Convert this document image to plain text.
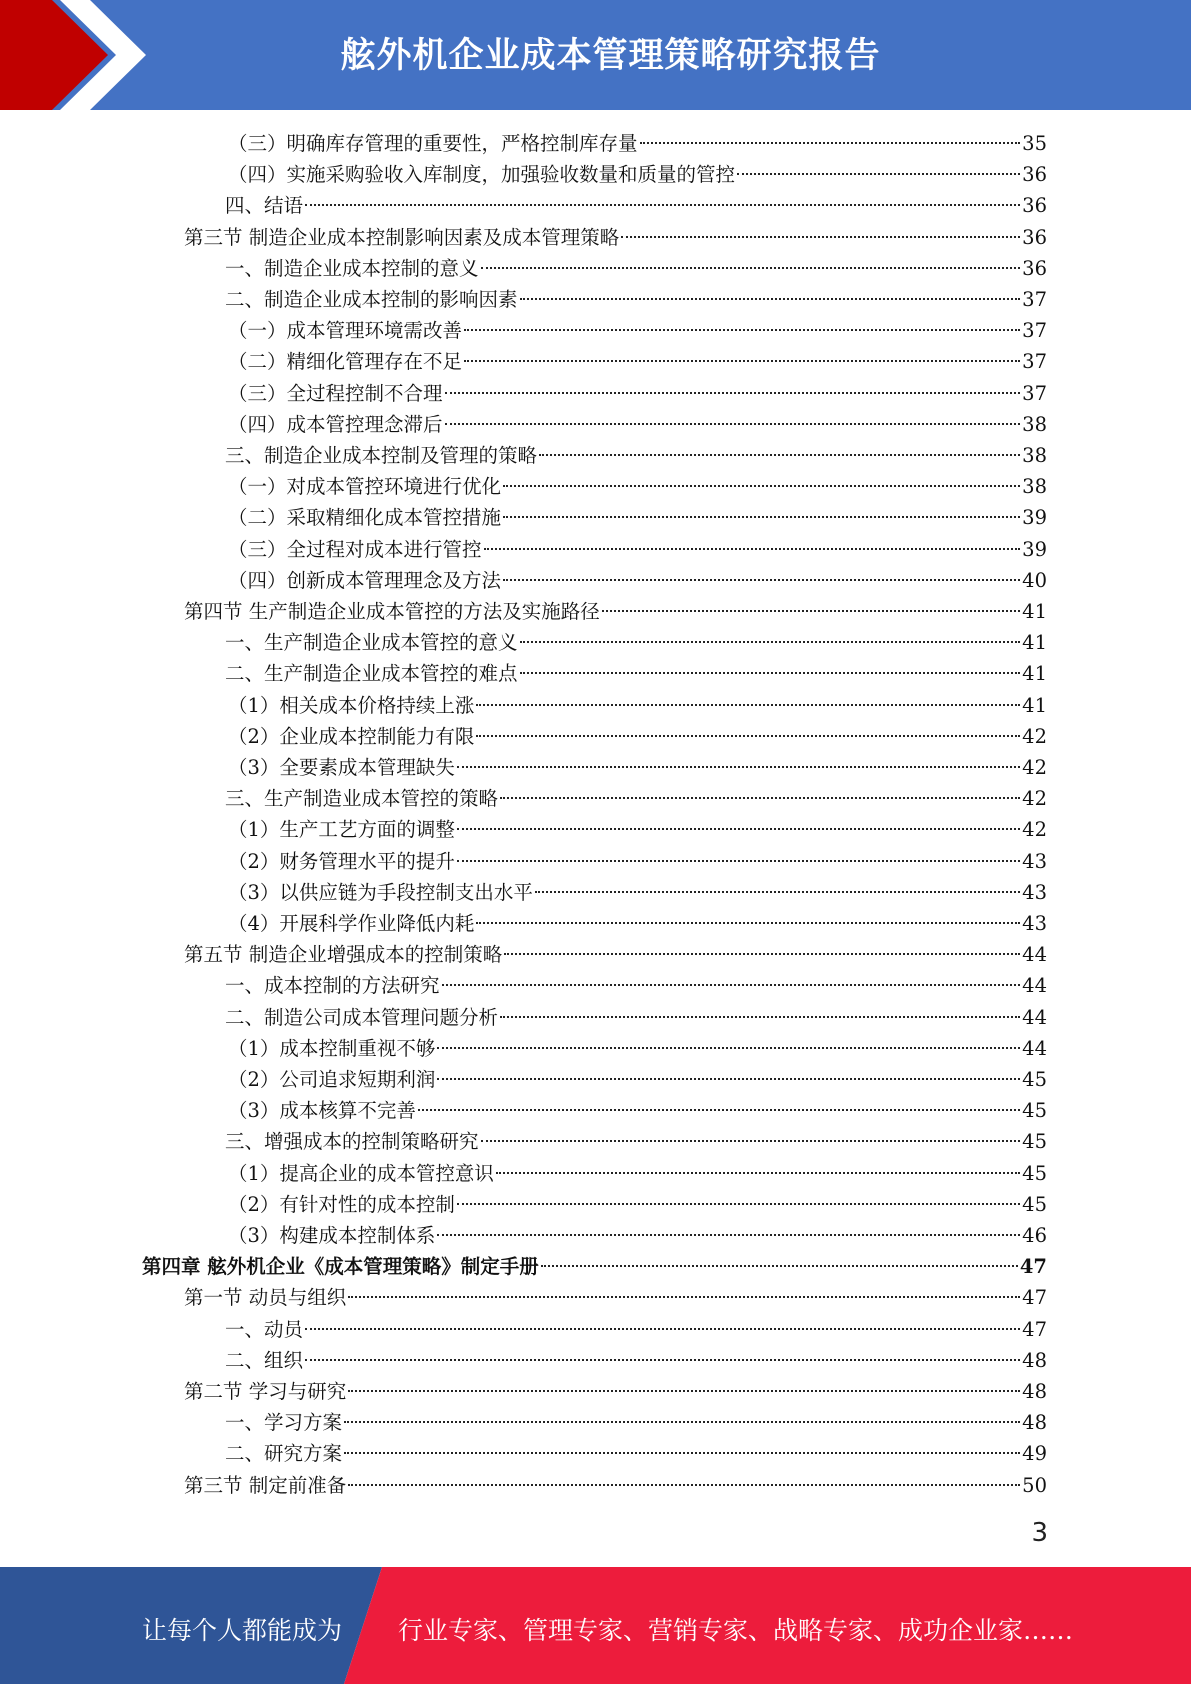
舷外机企业成本管理策略研究报告
（三）明确库存管理的重要性，严格控制库存量	35
（四）实施采购验收入库制度，加强验收数量和质量的管控	36
四、结语	36
第三节 制造企业成本控制影响因素及成本管理策略	36
一、制造企业成本控制的意义	36
二、制造企业成本控制的影响因素	37
（一）成本管理环境需改善	37
（二）精细化管理存在不足	37
（三）全过程控制不合理	37
（四）成本管控理念滞后	38
三、制造企业成本控制及管理的策略	38
（一）对成本管控环境进行优化	38
（二）采取精细化成本管控措施	39
（三）全过程对成本进行管控	39
（四）创新成本管理理念及方法	40
第四节 生产制造企业成本管控的方法及实施路径	41
一、生产制造企业成本管控的意义	41
二、生产制造企业成本管控的难点	41
（1）相关成本价格持续上涨	41
（2）企业成本控制能力有限	42
（3）全要素成本管理缺失	42
三、生产制造业成本管控的策略	42
（1）生产工艺方面的调整	42
（2）财务管理水平的提升	43
（3）以供应链为手段控制支出水平	43
（4）开展科学作业降低内耗	43
第五节 制造企业增强成本的控制策略	44
一、成本控制的方法研究	44
二、制造公司成本管理问题分析	44
（1）成本控制重视不够	44
（2）公司追求短期利润	45
（3）成本核算不完善	45
三、增强成本的控制策略研究	45
（1）提高企业的成本管控意识	45
（2）有针对性的成本控制	45
（3）构建成本控制体系	46
第四章 舷外机企业《成本管理策略》制定手册	47
第一节 动员与组织	47
一、动员	47
二、组织	48
第二节 学习与研究	48
一、学习方案	48
二、研究方案	49
第三节 制定前准备	50
3
让每个人都能成为 行业专家、管理专家、营销专家、战略专家、成功企业家……
